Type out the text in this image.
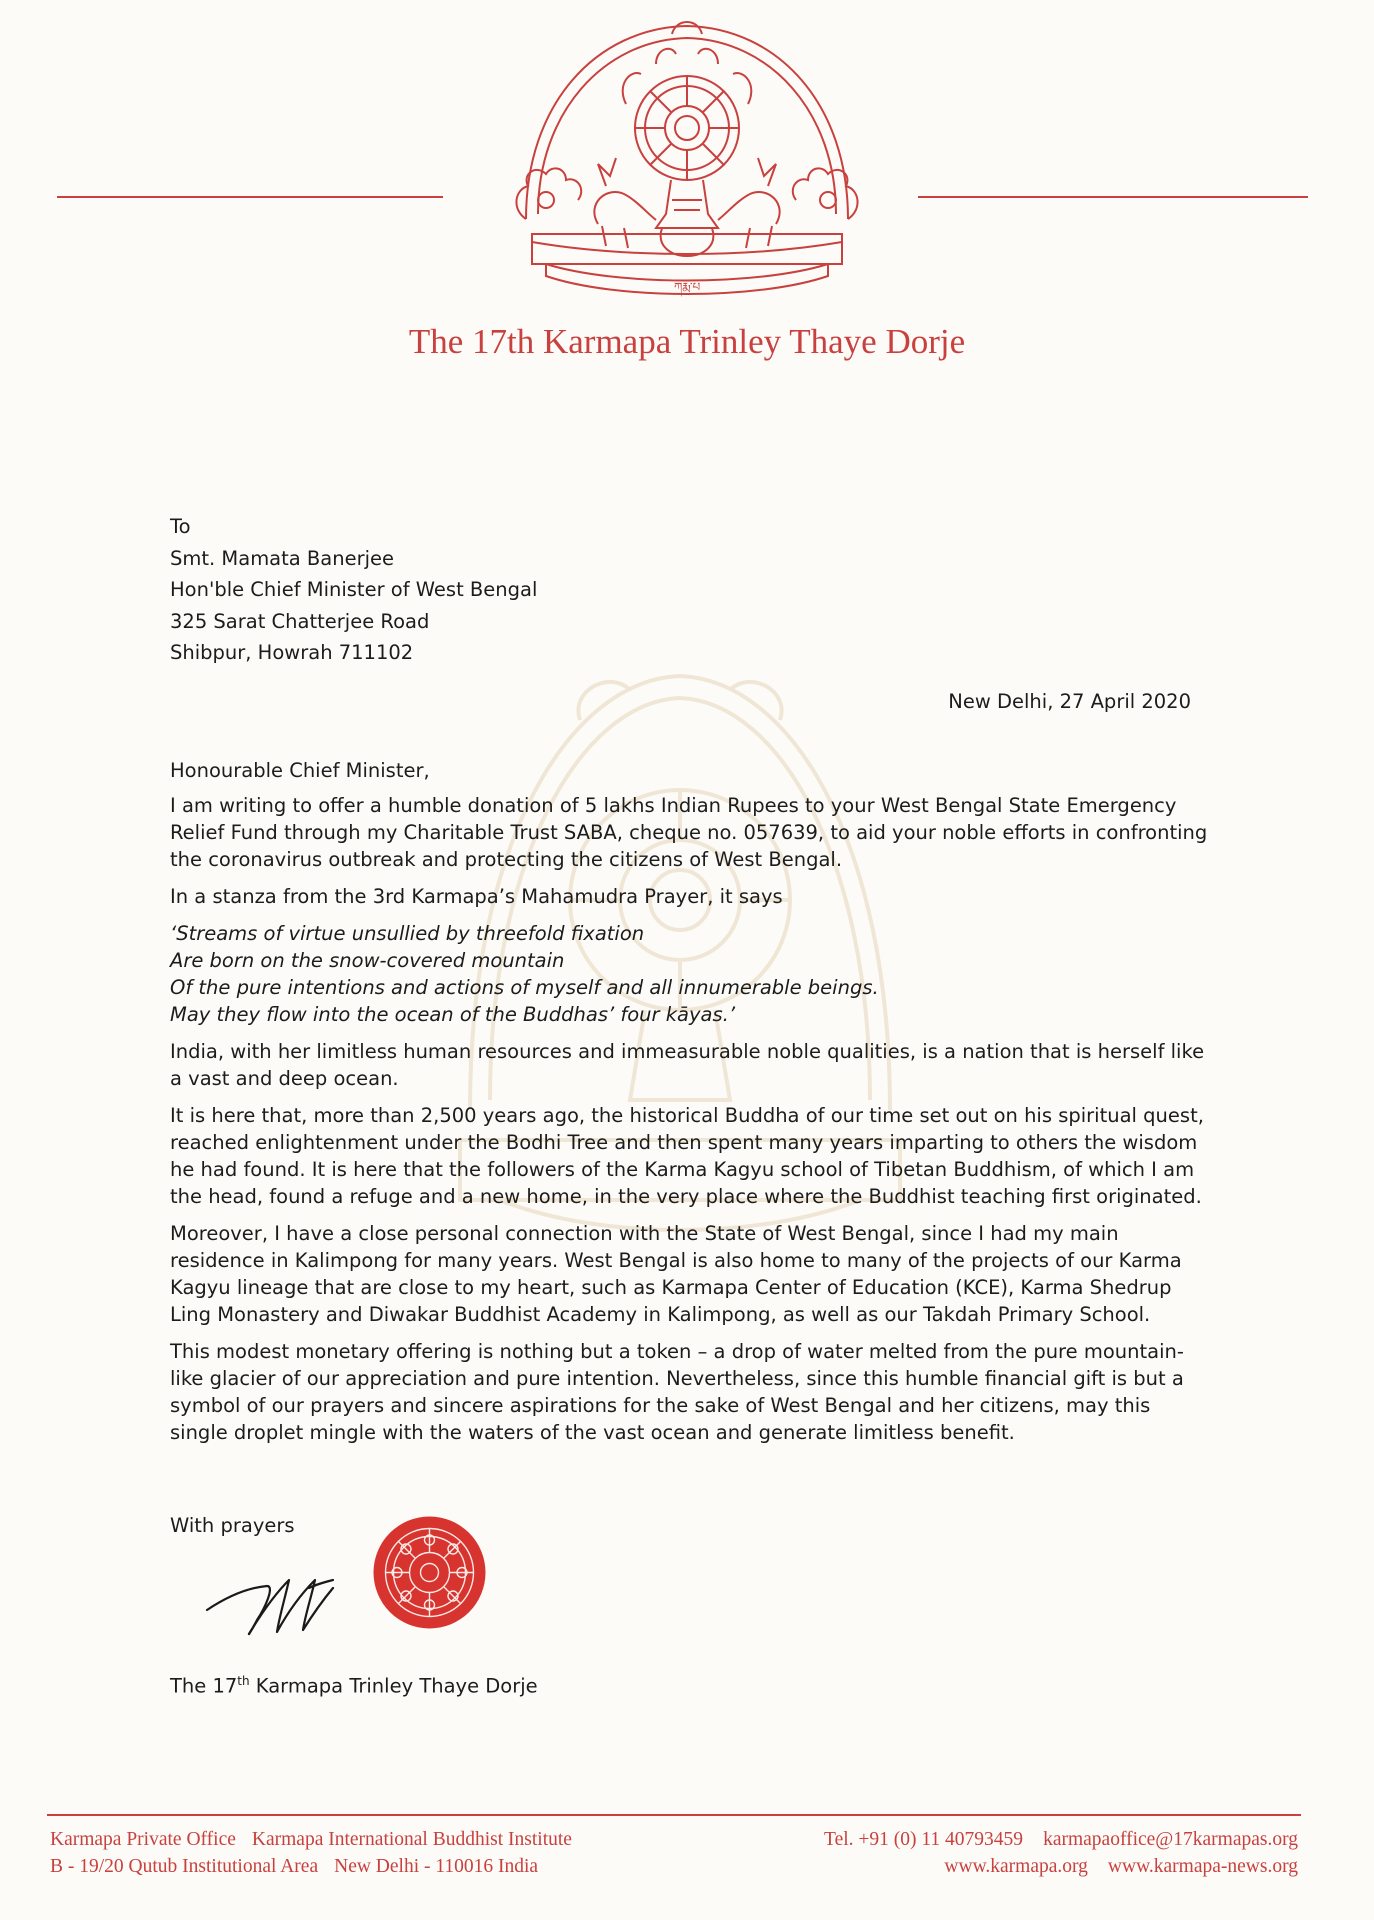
ཀརྨ་པ
The 17th Karmapa Trinley Thaye Dorje
To
Smt. Mamata Banerjee
Hon'ble Chief Minister of West Bengal
325 Sarat Chatterjee Road
Shibpur, Howrah 711102
New Delhi, 27 April 2020

Honourable Chief Minister,

I am writing to offer a humble donation of 5 lakhs Indian Rupees to your West Bengal State Emergency Relief Fund through my Charitable Trust SABA, cheque no. 057639, to aid your noble efforts in confronting the coronavirus outbreak and protecting the citizens of West Bengal.

In a stanza from the 3rd Karmapa’s Mahamudra Prayer, it says

‘Streams of virtue unsullied by threefold fixation

Are born on the snow-covered mountain

Of the pure intentions and actions of myself and all innumerable beings.

May they flow into the ocean of the Buddhas’ four kāyas.’

India, with her limitless human resources and immeasurable noble qualities, is a nation that is herself like a vast and deep ocean.

It is here that, more than 2,500 years ago, the historical Buddha of our time set out on his spiritual quest, reached enlightenment under the Bodhi Tree and then spent many years imparting to others the wisdom he had found. It is here that the followers of the Karma Kagyu school of Tibetan Buddhism, of which I am the head, found a refuge and a new home, in the very place where the Buddhist teaching first originated.

Moreover, I have a close personal connection with the State of West Bengal, since I had my main residence in Kalimpong for many years. West Bengal is also home to many of the projects of our Karma Kagyu lineage that are close to my heart, such as Karmapa Center of Education (KCE), Karma Shedrup Ling Monastery and Diwakar Buddhist Academy in Kalimpong, as well as our Takdah Primary School.

This modest monetary offering is nothing but a token – a drop of water melted from the pure mountain-like glacier of our appreciation and pure intention. Nevertheless, since this humble financial gift is but a symbol of our prayers and sincere aspirations for the sake of West Bengal and her citizens, may this single droplet mingle with the waters of the vast ocean and generate limitless benefit.

With prayers
The 17th Karmapa Trinley Thaye Dorje
Karmapa Private Office Karmapa International Buddhist Institute
B - 19/20 Qutub Institutional Area New Delhi - 110016 India
Tel. +91 (0) 11 40793459 karmapaoffice@17karmapas.org
www.karmapa.org www.karmapa-news.org
